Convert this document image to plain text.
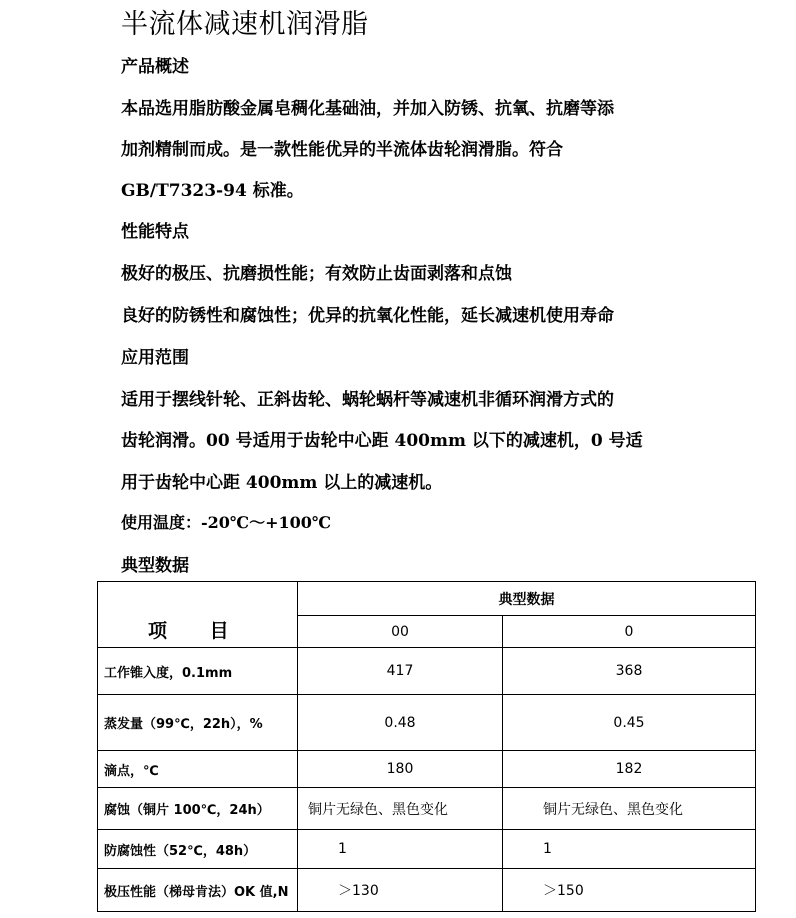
半流体减速机润滑脂
产品概述
本品选用脂肪酸金属皂稠化基础油，并加入防锈、抗氧、抗磨等添
加剂精制而成。是一款性能优异的半流体齿轮润滑脂。符合
GB/T7323-94 标准。
性能特点
极好的极压、抗磨损性能；有效防止齿面剥落和点蚀
良好的防锈性和腐蚀性；优异的抗氧化性能，延长减速机使用寿命
应用范围
适用于摆线针轮、正斜齿轮、蜗轮蜗杆等减速机非循环润滑方式的
齿轮润滑。00 号适用于齿轮中心距 400mm 以下的减速机，0 号适
用于齿轮中心距 400mm 以上的减速机。
使用温度：-20℃～+100℃
典型数据
项 目	典型数据	
	00	0
工作锥入度，0.1mm	417	368
蒸发量（99℃，22h），%	0.48	0.45
滴点，℃	180	182
腐蚀（铜片 100℃，24h）	铜片无绿色、黑色变化	铜片无绿色、黑色变化
防腐蚀性（52℃，48h）	1	1
极压性能（梯母肯法）OK 值,N	＞130	＞150
